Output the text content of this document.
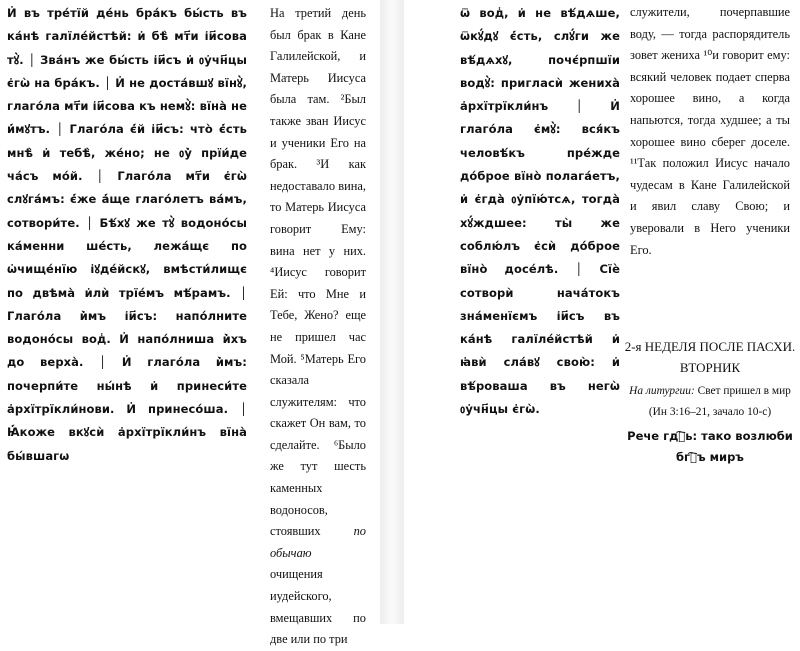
И҆ въ тре́тїй де́нь бра́къ бы́сть въ ка́нѣ галїле́йстѣй: и҆ бѣ̀ мт҃и і҆и҃сова тꙋ̀. │ Зва́нъ же бы́сть і҆и҃съ и҆ ᲂу҆чн҃цы є҆гѡ̀ на бра́къ. │ И҆ не доста́вшꙋ вїнꙋ̀, глаго́ла мт҃и і҆и҃сова къ немꙋ̀: вїна̀ не и҆́мꙋтъ. │ Глаго́ла є҆́й і҆и҃съ: что̀ є҆́сть мнѣ̀ и҆ тебѣ̀, же́но; не ᲂу҆̀ прїи́де ча́съ мо́й. │ Глаго́ла мт҃и є҆гѡ̀ слꙋга́мъ: є҆́же а҆́ще глаго́летъ ва́мъ, сотвори́те. │ Бѣ́хꙋ же тꙋ̀ водоно́сы ка́менни ше́сть, лежа́щє по ѡ҆чище́нїю і҆ꙋде́йскꙋ, вмѣсти́лищє по двѣма̀ и҆лѝ трїе́мъ мѣ́рамъ. │ Глаго́ла и҆̀мъ і҆и҃съ: напо́лните водоно́сы вод̾. И҆ напо́лниша и҆̀хъ до верха̀. │ И҆ глаго́ла и҆̀мъ: почерпи́те ны́нѣ и҆ принеси́те а҆рхїтрїкли́нови. И҆ принесо́ша. │ Ꙗ҆́коже вкꙋсѝ а҆рхїтрїкли́нъ вїна̀ бы́вшагѡ

На третий день был брак в Кане Галилейской, и Матерь Иисуса была там. ²Был также зван Иисус и ученики Его на брак. ³И как недоставало вина, то Матерь Иисуса говорит Ему: вина нет у них. ⁴Иисус говорит Ей: что Мне и Тебе, Жено? еще не пришел час Мой. ⁵Матерь Его сказала служителям: что скажет Он вам, то сделайте. ⁶Было же тут шесть каменных водоносов, стоявших по обычаю очищения иудейского, вмещавших по две или по три

ѿ вод̾, и҆ не вѣ́дѧше, ѿкꙋ́дꙋ є҆́сть, слꙋ́ги же вѣ́дѧхꙋ, почє́рпшїи водꙋ̀: пригласѝ жениха̀ а҆рхїтрїкли́нъ │ И҆ глаго́ла є҆мꙋ̀: вся́къ человѣ́къ пре́жде до́брое вїно̀ полага́етъ, и҆ є҆гда̀ ᲂу҆пїю́тсѧ, тогда̀ хꙋ́ждшее: ты̀ же соблю́лъ є҆сѝ до́брое вїно̀ досе́лѣ. │ Сїѐ сотворѝ нача́токъ зна́менїємъ і҆и҃съ въ ка́нѣ галїле́йстѣй и҆ ꙗ҆вѝ сла́вꙋ свою̀: и҆ вѣ́роваша въ негѡ̀ ᲂу҆чн҃цы є҆гѡ̀.

служители, почерпавшие воду, — тогда распорядитель зовет жениха ¹⁰и говорит ему: всякий человек подает сперва хорошее вино, а когда напьются, тогда худшее; а ты хорошее вино сберег доселе. ¹¹Так положил Иисус начало чудесам в Кане Галилейской и явил славу Свою; и уверовали в Него ученики Его.

2-я НЕДЕЛЯ ПОСЛЕ ПАСХИ. ВТОРНИК
На литургии: Свет пришел в мир
(Ин 3:16–21, зачало 10-с)
Рече гдⷭ҇ь: тако возлюби бгⷭ҇ъ миръ
